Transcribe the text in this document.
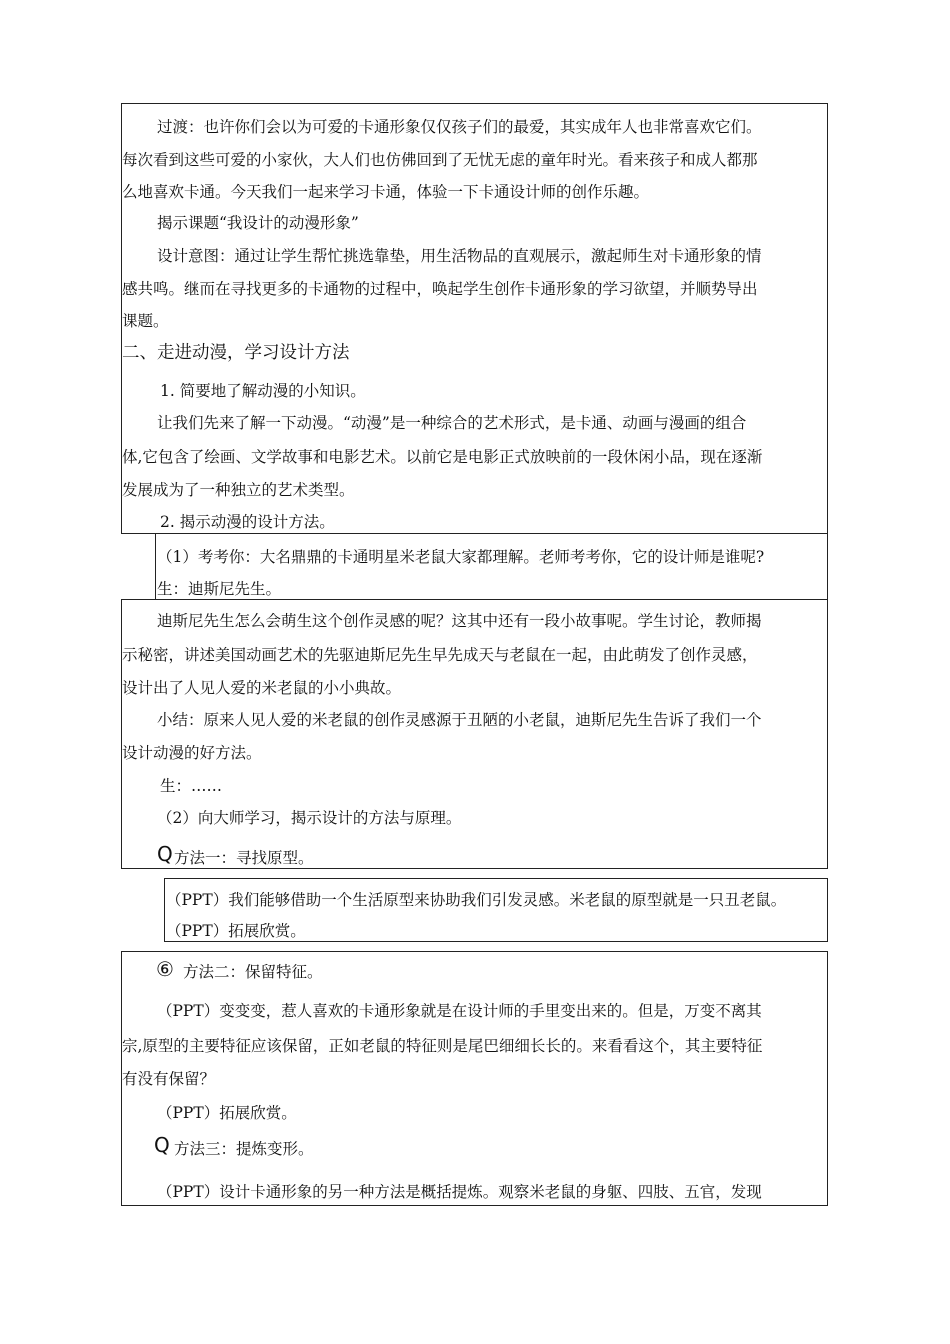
过渡：也许你们会以为可爱的卡通形象仅仅孩子们的最爱，其实成年人也非常喜欢它们。
每次看到这些可爱的小家伙，大人们也仿佛回到了无忧无虑的童年时光。看来孩子和成人都那
么地喜欢卡通。今天我们一起来学习卡通，体验一下卡通设计师的创作乐趣。
揭示课题“我设计的动漫形象”
设计意图：通过让学生帮忙挑选靠垫，用生活物品的直观展示，激起师生对卡通形象的情
感共鸣。继而在寻找更多的卡通物的过程中，唤起学生创作卡通形象的学习欲望，并顺势导出
课题。
二、走进动漫，学习设计方法
1. 简要地了解动漫的小知识。
让我们先来了解一下动漫。“动漫”是一种综合的艺术形式，是卡通、动画与漫画的组合
体,它包含了绘画、文学故事和电影艺术。以前它是电影正式放映前的一段休闲小品，现在逐渐
发展成为了一种独立的艺术类型。
2. 揭示动漫的设计方法。
（1）考考你：大名鼎鼎的卡通明星米老鼠大家都理解。老师考考你，它的设计师是谁呢?
生：迪斯尼先生。
迪斯尼先生怎么会萌生这个创作灵感的呢？这其中还有一段小故事呢。学生讨论，教师揭
示秘密，讲述美国动画艺术的先驱迪斯尼先生早先成天与老鼠在一起，由此萌发了创作灵感，
设计出了人见人爱的米老鼠的小小典故。
小结：原来人见人爱的米老鼠的创作灵感源于丑陋的小老鼠，迪斯尼先生告诉了我们一个
设计动漫的好方法。
生：……
（2）向大师学习，揭示设计的方法与原理。
Q 方法一：寻找原型。
（PPT）我们能够借助一个生活原型来协助我们引发灵感。米老鼠的原型就是一只丑老鼠。
（PPT）拓展欣赏。
⑥ 方法二：保留特征。
（PPT）变变变，惹人喜欢的卡通形象就是在设计师的手里变出来的。但是，万变不离其
宗,原型的主要特征应该保留，正如老鼠的特征则是尾巴细细长长的。来看看这个，其主要特征
有没有保留？
（PPT）拓展欣赏。
Q 方法三：提炼变形。
（PPT）设计卡通形象的另一种方法是概括提炼。观察米老鼠的身躯、四肢、五官，发现
